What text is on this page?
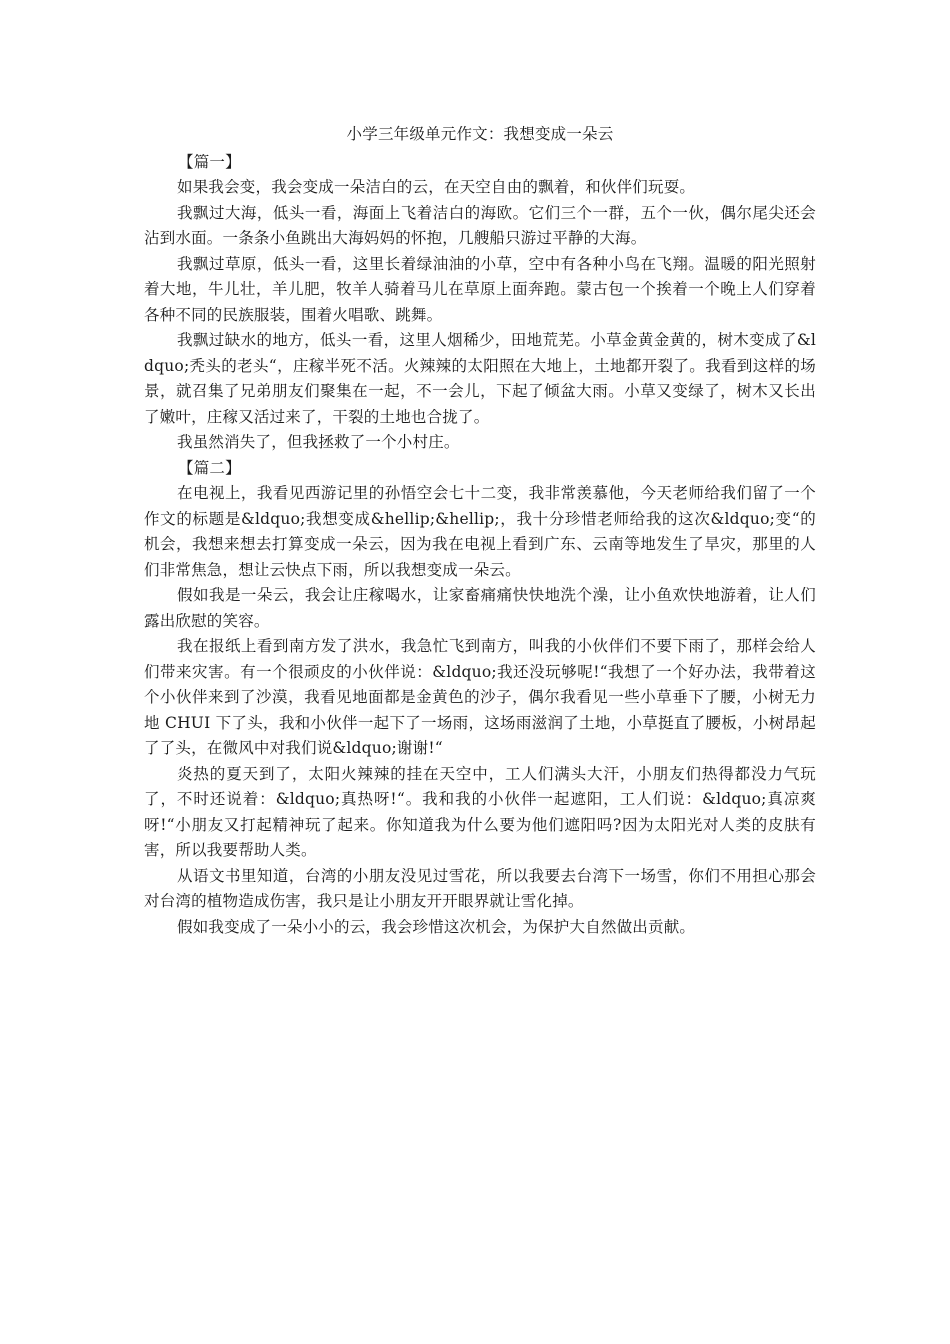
小学三年级单元作文：我想变成一朵云

【篇一】

如果我会变，我会变成一朵洁白的云，在天空自由的飘着，和伙伴们玩耍。

我飘过大海，低头一看，海面上飞着洁白的海欧。它们三个一群，五个一伙，偶尔尾尖还会沾到水面。一条条小鱼跳出大海妈妈的怀抱，几艘船只游过平静的大海。

我飘过草原，低头一看，这里长着绿油油的小草，空中有各种小鸟在飞翔。温暖的阳光照射着大地，牛儿壮，羊儿肥，牧羊人骑着马儿在草原上面奔跑。蒙古包一个挨着一个晚上人们穿着各种不同的民族服装，围着火唱歌、跳舞。

我飘过缺水的地方，低头一看，这里人烟稀少，田地荒芜。小草金黄金黄的，树木变成了&ldquo;秃头的老头“，庄稼半死不活。火辣辣的太阳照在大地上，土地都开裂了。我看到这样的场景，就召集了兄弟朋友们聚集在一起，不一会儿，下起了倾盆大雨。小草又变绿了，树木又长出了嫩叶，庄稼又活过来了，干裂的土地也合拢了。

我虽然消失了，但我拯救了一个小村庄。

【篇二】

在电视上，我看见西游记里的孙悟空会七十二变，我非常羡慕他，今天老师给我们留了一个作文的标题是&ldquo;我想变成&hellip;&hellip;，我十分珍惜老师给我的这次&ldquo;变“的机会，我想来想去打算变成一朵云，因为我在电视上看到广东、云南等地发生了旱灾，那里的人们非常焦急，想让云快点下雨，所以我想变成一朵云。

假如我是一朵云，我会让庄稼喝水，让家畜痛痛快快地洗个澡，让小鱼欢快地游着，让人们露出欣慰的笑容。

我在报纸上看到南方发了洪水，我急忙飞到南方，叫我的小伙伴们不要下雨了，那样会给人们带来灾害。有一个很顽皮的小伙伴说：&ldquo;我还没玩够呢!“我想了一个好办法，我带着这个小伙伴来到了沙漠，我看见地面都是金黄色的沙子，偶尔我看见一些小草垂下了腰，小树无力地 CHUI 下了头，我和小伙伴一起下了一场雨，这场雨滋润了土地，小草挺直了腰板，小树昂起了了头，在微风中对我们说&ldquo;谢谢!“

炎热的夏天到了，太阳火辣辣的挂在天空中，工人们满头大汗，小朋友们热得都没力气玩了，不时还说着：&ldquo;真热呀!“。我和我的小伙伴一起遮阳，工人们说：&ldquo;真凉爽呀!“小朋友又打起精神玩了起来。你知道我为什么要为他们遮阳吗?因为太阳光对人类的皮肤有害，所以我要帮助人类。

从语文书里知道，台湾的小朋友没见过雪花，所以我要去台湾下一场雪，你们不用担心那会对台湾的植物造成伤害，我只是让小朋友开开眼界就让雪化掉。

假如我变成了一朵小小的云，我会珍惜这次机会，为保护大自然做出贡献。
